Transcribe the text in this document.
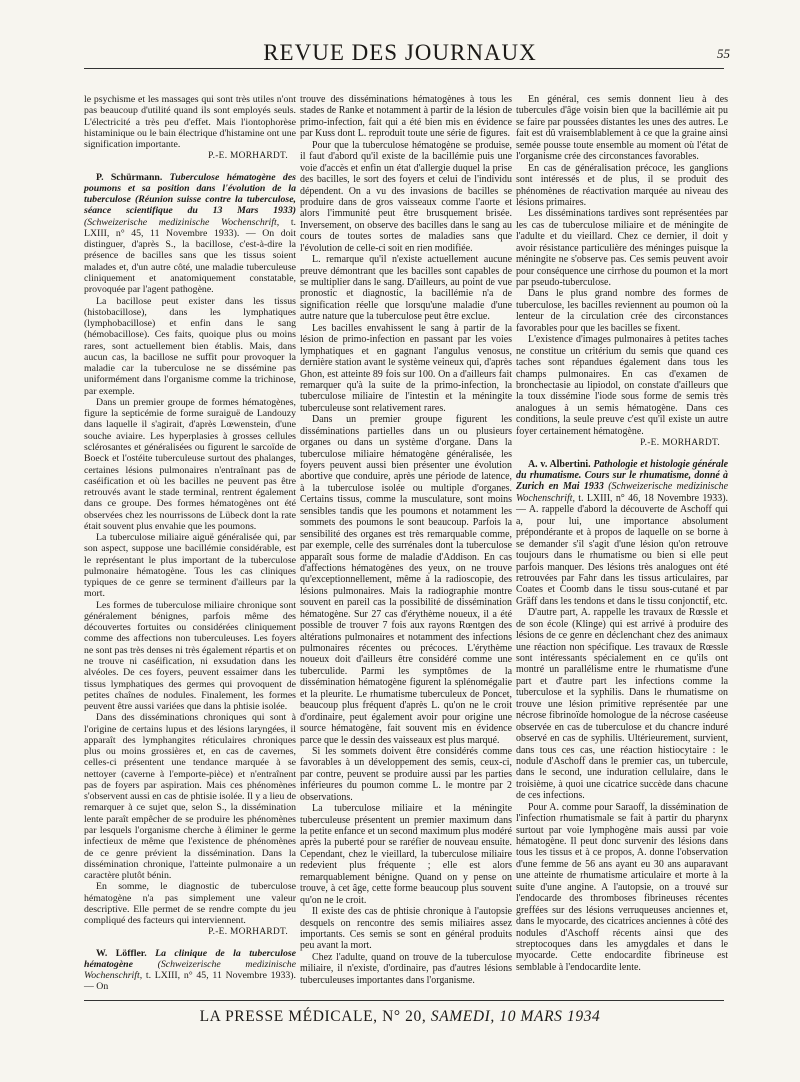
REVUE DES JOURNAUX	55

le psychisme et les massages qui sont très utiles n'ont pas beaucoup d'utilité quand ils sont employés seuls. L'électricité a très peu d'effet. Mais l'iontophorèse histaminique ou le bain électrique d'histamine ont une signification importante.

P.-E. MORHARDT.

P. Schürmann. Tuberculose hématogène des poumons et sa position dans l'évolution de la tuberculose (Réunion suisse contre la tuberculose, séance scientifique du 13 Mars 1933) (Schweizerische medizinische Wochenschrift, t. LXIII, n° 45, 11 Novembre 1933). — On doit distinguer, d'après S., la bacillose, c'est-à-dire la présence de bacilles sans que les tissus soient malades et, d'un autre côté, une maladie tuberculeuse cliniquement et anatomiquement constatable, provoquée par l'agent pathogène.

La bacillose peut exister dans les tissus (histobacillose), dans les lymphatiques (lymphobacillose) et enfin dans le sang (hémobacillose). Ces faits, quoique plus ou moins rares, sont actuellement bien établis. Mais, dans aucun cas, la bacillose ne suffit pour provoquer la maladie car la tuberculose ne se dissémine pas uniformément dans l'organisme comme la trichinose, par exemple.

Dans un premier groupe de formes hématogènes, figure la septicémie de forme suraiguë de Landouzy dans laquelle il s'agirait, d'après Lœwenstein, d'une souche aviaire. Les hyperplasies à grosses cellules sclérosantes et généralisées ou figurent le sarcoïde de Boeck et l'ostéite tuberculeuse surtout des phalanges, certaines lésions pulmonaires n'entraînant pas de caséification et où les bacilles ne peuvent pas être retrouvés avant le stade terminal, rentrent également dans ce groupe. Des formes hématogènes ont été observées chez les nourrissons de Lübeck dont la rate était souvent plus envahie que les poumons.

La tuberculose miliaire aiguë généralisée qui, par son aspect, suppose une bacillémie considérable, est le représentant le plus important de la tuberculose pulmonaire hématogène. Tous les cas cliniques typiques de ce genre se terminent d'ailleurs par la mort.

Les formes de tuberculose miliaire chronique sont généralement bénignes, parfois même des découvertes fortuites ou considérées cliniquement comme des affections non tuberculeuses. Les foyers ne sont pas très denses ni très également répartis et on ne trouve ni caséification, ni exsudation dans les alvéoles. De ces foyers, peuvent essaimer dans les tissus lymphatiques des germes qui provoquent de petites chaînes de nodules. Finalement, les formes peuvent être aussi variées que dans la phtisie isolée.

Dans des disséminations chroniques qui sont à l'origine de certains lupus et des lésions laryngées, il apparaît des lymphangites réticulaires chroniques plus ou moins grossières et, en cas de cavernes, celles-ci présentent une tendance marquée à se nettoyer (caverne à l'emporte-pièce) et n'entraînent pas de foyers par aspiration. Mais ces phénomènes s'observent aussi en cas de phtisie isolée. Il y a lieu de remarquer à ce sujet que, selon S., la dissémination lente paraît empêcher de se produire les phénomènes par lesquels l'organisme cherche à éliminer le germe infectieux de même que l'existence de phénomènes de ce genre prévient la dissémination. Dans la dissémination chronique, l'atteinte pulmonaire a un caractère plutôt bénin.

En somme, le diagnostic de tuberculose hématogène n'a pas simplement une valeur descriptive. Elle permet de se rendre compte du jeu compliqué des facteurs qui interviennent.

P.-E. MORHARDT.

W. Löffler. La clinique de la tuberculose hématogène	(Schweizerische medizinische Wochenschrift, t. LXIII, n° 45, 11 Novembre 1933). — On

trouve des disséminations hématogènes à tous les stades de Ranke et notamment à partir de la lésion de primo-infection, fait qui a été bien mis en évidence par Kuss dont L. reproduit toute une série de figures.

Pour que la tuberculose hématogène se produise, il faut d'abord qu'il existe de la bacillémie puis une voie d'accès et enfin un état d'allergie duquel la prise des bacilles, le sort des foyers et celui de l'individu dépendent. On a vu des invasions de bacilles se produire dans de gros vaisseaux comme l'aorte et alors l'immunité peut être brusquement brisée. Inversement, on observe des bacilles dans le sang au cours de toutes sortes de maladies sans que l'évolution de celle-ci soit en rien modifiée.

L. remarque qu'il n'existe actuellement aucune preuve démontrant que les bacilles sont capables de se multiplier dans le sang. D'ailleurs, au point de vue pronostic et diagnostic, la bacillémie n'a de signification réelle que lorsqu'une maladie d'une autre nature que la tuberculose peut être exclue.

Les bacilles envahissent le sang à partir de la lésion de primo-infection en passant par les voies lymphatiques et en gagnant l'angulus venosus, dernière station avant le système veineux qui, d'après Ghon, est atteinte 89 fois sur 100. On a d'ailleurs fait remarquer qu'à la suite de la primo-infection, la tuberculose miliaire de l'intestin et la méningite tuberculeuse sont relativement rares.

Dans un premier groupe figurent les disséminations partielles dans un ou plusieurs organes ou dans un système d'organe. Dans la tuberculose miliaire hématogène généralisée, les foyers peuvent aussi bien présenter une évolution abortive que conduire, après une période de latence, à la tuberculose isolée ou multiple d'organes. Certains tissus, comme la musculature, sont moins sensibles tandis que les poumons et notamment les sommets des poumons le sont beaucoup. Parfois la sensibilité des organes est très remarquable comme, par exemple, celle des surrénales dont la tuberculose apparaît sous forme de maladie d'Addison. En cas d'affections hématogènes des yeux, on ne trouve qu'exceptionnellement, même à la radioscopie, des lésions pulmonaires. Mais la radiographie montre souvent en pareil cas la possibilité de dissémination hématogène. Sur 27 cas d'érythème noueux, il a été possible de trouver 7 fois aux rayons Rœntgen des altérations pulmonaires et notamment des infections pulmonaires récentes ou précoces. L'érythème noueux doit d'ailleurs être considéré comme une tuberculide. Parmi les symptômes de la dissémination hématogène figurent la splénomégalie et la pleurite. Le rhumatisme tuberculeux de Poncet, beaucoup plus fréquent d'après L. qu'on ne le croit d'ordinaire, peut également avoir pour origine une source hématogène, fait souvent mis en évidence parce que le dessin des vaisseaux est plus marqué.

Si les sommets doivent être considérés comme favorables à un développement des semis, ceux-ci, par contre, peuvent se produire aussi par les parties inférieures du poumon comme L. le montre par 2 observations.

La tuberculose miliaire et la méningite tuberculeuse présentent un premier maximum dans la petite enfance et un second maximum plus modéré après la puberté pour se raréfier de nouveau ensuite. Cependant, chez le vieillard, la tuberculose miliaire redevient plus fréquente ; elle est alors remarquablement bénigne. Quand on y pense on trouve, à cet âge, cette forme beaucoup plus souvent qu'on ne le croit.

Il existe des cas de phtisie chronique à l'autopsie desquels on rencontre des semis miliaires assez importants. Ces semis se sont en général produits peu avant la mort.

Chez l'adulte, quand on trouve de la tuberculose miliaire, il n'existe, d'ordinaire, pas d'autres lésions tuberculeuses importantes dans l'organisme.

En général, ces semis donnent lieu à des tubercules d'âge voisin bien que la bacillémie ait pu se faire par poussées distantes les unes des autres. Le fait est dû vraisemblablement à ce que la graine ainsi semée pousse toute ensemble au moment où l'état de l'organisme crée des circonstances favorables.

En cas de généralisation précoce, les ganglions sont intéressés et de plus, il se produit des phénomènes de réactivation marquée au niveau des lésions primaires.

Les disséminations tardives sont représentées par les cas de tuberculose miliaire et de méningite de l'adulte et du vieillard. Chez ce dernier, il doit y avoir résistance particulière des méninges puisque la méningite ne s'observe pas. Ces semis peuvent avoir pour conséquence une cirrhose du poumon et la mort par pseudo-tuberculose.

Dans le plus grand nombre des formes de tuberculose, les bacilles reviennent au poumon où la lenteur de la circulation crée des circonstances favorables pour que les bacilles se fixent.

L'existence d'images pulmonaires à petites taches ne constitue un critérium du semis que quand ces taches sont répandues également dans tous les champs pulmonaires. En cas d'examen de bronchectasie au lipiodol, on constate d'ailleurs que la toux dissémine l'iode sous forme de semis très analogues à un semis hématogène. Dans ces conditions, la seule preuve c'est qu'il existe un autre foyer certainement hématogène.

P.-E. MORHARDT.

A. v. Albertini. Pathologie et histologie générale du rhumatisme. Cours sur le rhumatisme, donné à Zurich en Mai 1933 (Schweizerische medizinische Wochenschrift, t. LXIII, n° 46, 18 Novembre 1933). — A. rappelle d'abord la découverte de Aschoff qui a, pour lui, une importance absolument prépondérante et à propos de laquelle on se borne à se demander s'il s'agit d'une lésion qu'on retrouve toujours dans le rhumatisme ou bien si elle peut parfois manquer. Des lésions très analogues ont été retrouvées par Fahr dans les tissus articulaires, par Coates et Coomb dans le tissu sous-cutané et par Gräff dans les tendons et dans le tissu conjonctif, etc.

D'autre part, A. rappelle les travaux de Rœssle et de son école (Klinge) qui est arrivé à produire des lésions de ce genre en déclenchant chez des animaux une réaction non spécifique. Les travaux de Rœssle sont intéressants spécialement en ce qu'ils ont montré un parallélisme entre le rhumatisme d'une part et d'autre part les infections comme la tuberculose et la syphilis. Dans le rhumatisme on trouve une lésion primitive représentée par une nécrose fibrinoïde homologue de la nécrose caséeuse observée en cas de tuberculose et du chancre induré observé en cas de syphilis. Ultérieurement, survient, dans tous ces cas, une réaction histiocytaire : le nodule d'Aschoff dans le premier cas, un tubercule, dans le second, une induration cellulaire, dans le troisième, à quoi une cicatrice succède dans chacune de ces infections.

Pour A. comme pour Saraoff, la dissémination de l'infection rhumatismale se fait à partir du pharynx surtout par voie lymphogène mais aussi par voie hématogène. Il peut donc survenir des lésions dans tous les tissus et à ce propos, A. donne l'observation d'une femme de 56 ans ayant eu 30 ans auparavant une atteinte de rhumatisme articulaire et morte à la suite d'une angine. A l'autopsie, on a trouvé sur l'endocarde des thromboses fibrineuses récentes greffées sur des lésions verruqueuses anciennes et, dans le myocarde, des cicatrices anciennes à côté des nodules d'Aschoff récents ainsi que des streptocoques dans les amygdales et dans le myocarde. Cette endocardite fibrineuse est semblable à l'endocardite lente.

LA PRESSE MÉDICALE, N° 20, SAMEDI, 10 MARS 1934
